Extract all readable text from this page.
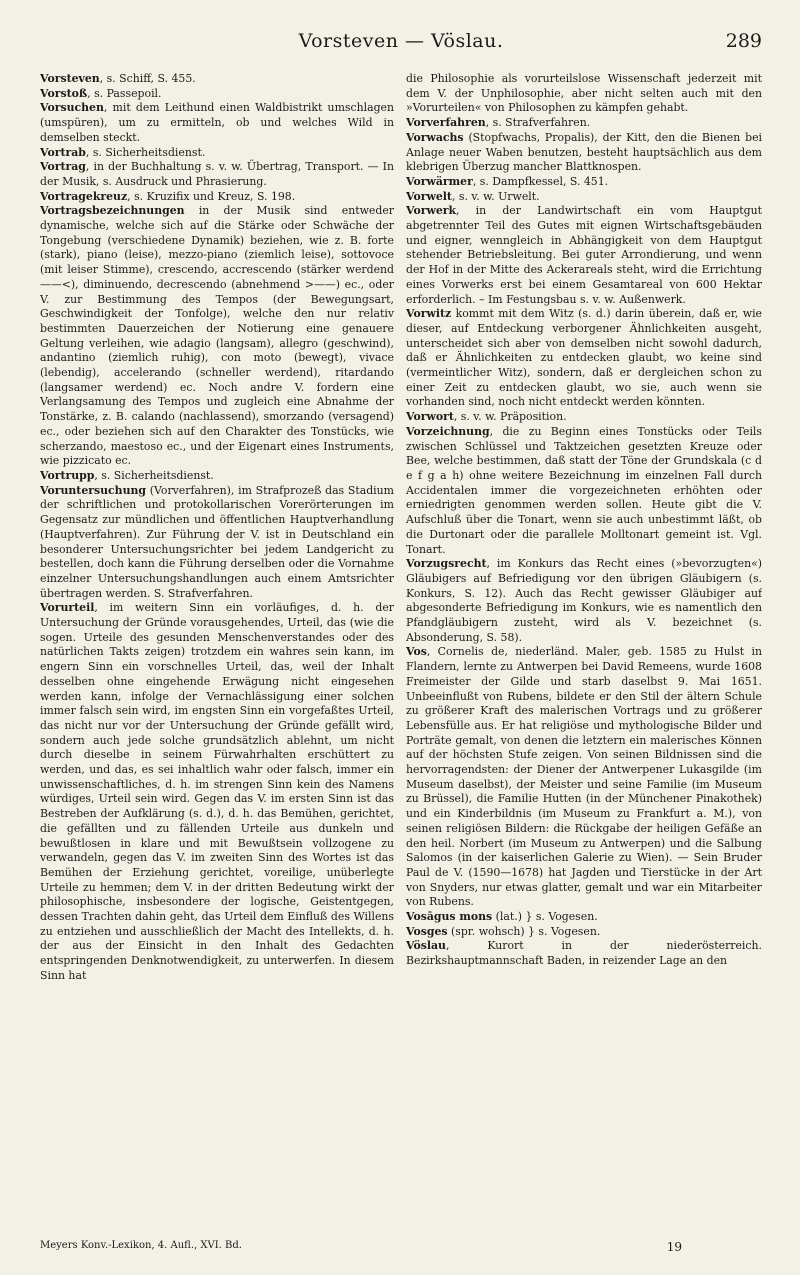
Vorsteven — Vöslau.	289

Vorsteven, s. Schiff, S. 455.

Vorstoß, s. Passepoil.

Vorsuchen, mit dem Leithund einen Waldbistrikt umschlagen (umspüren), um zu ermitteln, ob und welches Wild in demselben steckt.

Vortrab, s. Sicherheitsdienst.

Vortrag, in der Buchhaltung s. v. w. Übertrag, Transport. — In der Musik, s. Ausdruck und Phrasierung.

Vortragekreuz, s. Kruzifix und Kreuz, S. 198.

Vortragsbezeichnungen in der Musik sind entweder dynamische, welche sich auf die Stärke oder Schwäche der Tongebung (verschiedene Dynamik) beziehen, wie z. B. forte (stark), piano (leise), mezzo-piano (ziemlich leise), sottovoce (mit leiser Stimme), crescendo, accrescendo (stärker werdend ——<), diminuendo, decrescendo (abnehmend >——) ec., oder V. zur Bestimmung des Tempos (der Bewegungsart, Geschwindigkeit der Tonfolge), welche den nur relativ bestimmten Dauerzeichen der Notierung eine genauere Geltung verleihen, wie adagio (langsam), allegro (geschwind), andantino (ziemlich ruhig), con moto (bewegt), vivace (lebendig), accelerando (schneller werdend), ritardando (langsamer werdend) ec. Noch andre V. fordern eine Verlangsamung des Tempos und zugleich eine Abnahme der Tonstärke, z. B. calando (nachlassend), smorzando (versagend) ec., oder beziehen sich auf den Charakter des Tonstücks, wie scherzando, maestoso ec., und der Eigenart eines Instruments, wie pizzicato ec.

Vortrupp, s. Sicherheitsdienst.

Voruntersuchung (Vorverfahren), im Strafprozeß das Stadium der schriftlichen und protokollarischen Vorerörterungen im Gegensatz zur mündlichen und öffentlichen Hauptverhandlung (Hauptverfahren). Zur Führung der V. ist in Deutschland ein besonderer Untersuchungsrichter bei jedem Landgericht zu bestellen, doch kann die Führung derselben oder die Vornahme einzelner Untersuchungshandlungen auch einem Amtsrichter übertragen werden. S. Strafverfahren.

Vorurteil, im weitern Sinn ein vorläufiges, d. h. der Untersuchung der Gründe vorausgehendes, Urteil, das (wie die sogen. Urteile des gesunden Menschenverstandes oder des natürlichen Takts zeigen) trotzdem ein wahres sein kann, im engern Sinn ein vorschnelles Urteil, das, weil der Inhalt desselben ohne eingehende Erwägung nicht eingesehen werden kann, infolge der Vernachlässigung einer solchen immer falsch sein wird, im engsten Sinn ein vorgefaßtes Urteil, das nicht nur vor der Untersuchung der Gründe gefällt wird, sondern auch jede solche grundsätzlich ablehnt, um nicht durch dieselbe in seinem Fürwahrhalten erschüttert zu werden, und das, es sei inhaltlich wahr oder falsch, immer ein unwissenschaftliches, d. h. im strengen Sinn kein des Namens würdiges, Urteil sein wird. Gegen das V. im ersten Sinn ist das Bestreben der Aufklärung (s. d.), d. h. das Bemühen, gerichtet, die gefällten und zu fällenden Urteile aus dunkeln und bewußtlosen in klare und mit Bewußtsein vollzogene zu verwandeln, gegen das V. im zweiten Sinn des Wortes ist das Bemühen der Erziehung gerichtet, voreilige, unüberlegte Urteile zu hemmen; dem V. in der dritten Bedeutung wirkt der philosophische, insbesondere der logische, Geistentgegen, dessen Trachten dahin geht, das Urteil dem Einfluß des Willens zu entziehen und ausschließlich der Macht des Intellekts, d. h. der aus der Einsicht in den Inhalt des Gedachten entspringenden Denknotwendigkeit, zu unterwerfen. In diesem Sinn hat

die Philosophie als vorurteilslose Wissenschaft jederzeit mit dem V. der Unphilosophie, aber nicht selten auch mit den »Vorurteilen« von Philosophen zu kämpfen gehabt.

Vorverfahren, s. Strafverfahren.

Vorwachs (Stopfwachs, Propalis), der Kitt, den die Bienen bei Anlage neuer Waben benutzen, besteht hauptsächlich aus dem klebrigen Überzug mancher Blattknospen.

Vorwärmer, s. Dampfkessel, S. 451.

Vorwelt, s. v. w. Urwelt.

Vorwerk, in der Landwirtschaft ein vom Hauptgut abgetrennter Teil des Gutes mit eignen Wirtschaftsgebäuden und eigner, wenngleich in Abhängigkeit von dem Hauptgut stehender Betriebsleitung. Bei guter Arrondierung, und wenn der Hof in der Mitte des Ackerareals steht, wird die Errichtung eines Vorwerks erst bei einem Gesamtareal von 600 Hektar erforderlich. – Im Festungsbau s. v. w. Außenwerk.

Vorwitz kommt mit dem Witz (s. d.) darin überein, daß er, wie dieser, auf Entdeckung verborgener Ähnlichkeiten ausgeht, unterscheidet sich aber von demselben nicht sowohl dadurch, daß er Ähnlichkeiten zu entdecken glaubt, wo keine sind (vermeintlicher Witz), sondern, daß er dergleichen schon zu einer Zeit zu entdecken glaubt, wo sie, auch wenn sie vorhanden sind, noch nicht entdeckt werden könnten.

Vorwort, s. v. w. Präposition.

Vorzeichnung, die zu Beginn eines Tonstücks oder Teils zwischen Schlüssel und Taktzeichen gesetzten Kreuze oder Bee, welche bestimmen, daß statt der Töne der Grundskala (c d e f g a h) ohne weitere Bezeichnung im einzelnen Fall durch Accidentalen immer die vorgezeichneten erhöhten oder erniedrigten genommen werden sollen. Heute gibt die V. Aufschluß über die Tonart, wenn sie auch unbestimmt läßt, ob die Durtonart oder die parallele Molltonart gemeint ist. Vgl. Tonart.

Vorzugsrecht, im Konkurs das Recht eines (»bevorzugten«) Gläubigers auf Befriedigung vor den übrigen Gläubigern (s. Konkurs, S. 12). Auch das Recht gewisser Gläubiger auf abgesonderte Befriedigung im Konkurs, wie es namentlich den Pfandgläubigern zusteht, wird als V. bezeichnet (s. Absonderung, S. 58).

Vos, Cornelis de, niederländ. Maler, geb. 1585 zu Hulst in Flandern, lernte zu Antwerpen bei David Remeens, wurde 1608 Freimeister der Gilde und starb daselbst 9. Mai 1651. Unbeeinflußt von Rubens, bildete er den Stil der ältern Schule zu größerer Kraft des malerischen Vortrags und zu größerer Lebensfülle aus. Er hat religiöse und mythologische Bilder und Porträte gemalt, von denen die letztern ein malerisches Können auf der höchsten Stufe zeigen. Von seinen Bildnissen sind die hervorragendsten: der Diener der Antwerpener Lukasgilde (im Museum daselbst), der Meister und seine Familie (im Museum zu Brüssel), die Familie Hutten (in der Münchener Pinakothek) und ein Kinderbildnis (im Museum zu Frankfurt a. M.), von seinen religiösen Bildern: die Rückgabe der heiligen Gefäße an den heil. Norbert (im Museum zu Antwerpen) und die Salbung Salomos (in der kaiserlichen Galerie zu Wien). — Sein Bruder Paul de V. (1590—1678) hat Jagden und Tierstücke in der Art von Snyders, nur etwas glatter, gemalt und war ein Mitarbeiter von Rubens.

Vosāgus mons (lat.) } s. Vogesen.

Vosges (spr. wohsch) } s. Vogesen.

Vöslau, Kurort in der niederösterreich. Bezirkshauptmannschaft Baden, in reizender Lage an den

Meyers Konv.-Lexikon, 4. Aufl., XVI. Bd.	19
